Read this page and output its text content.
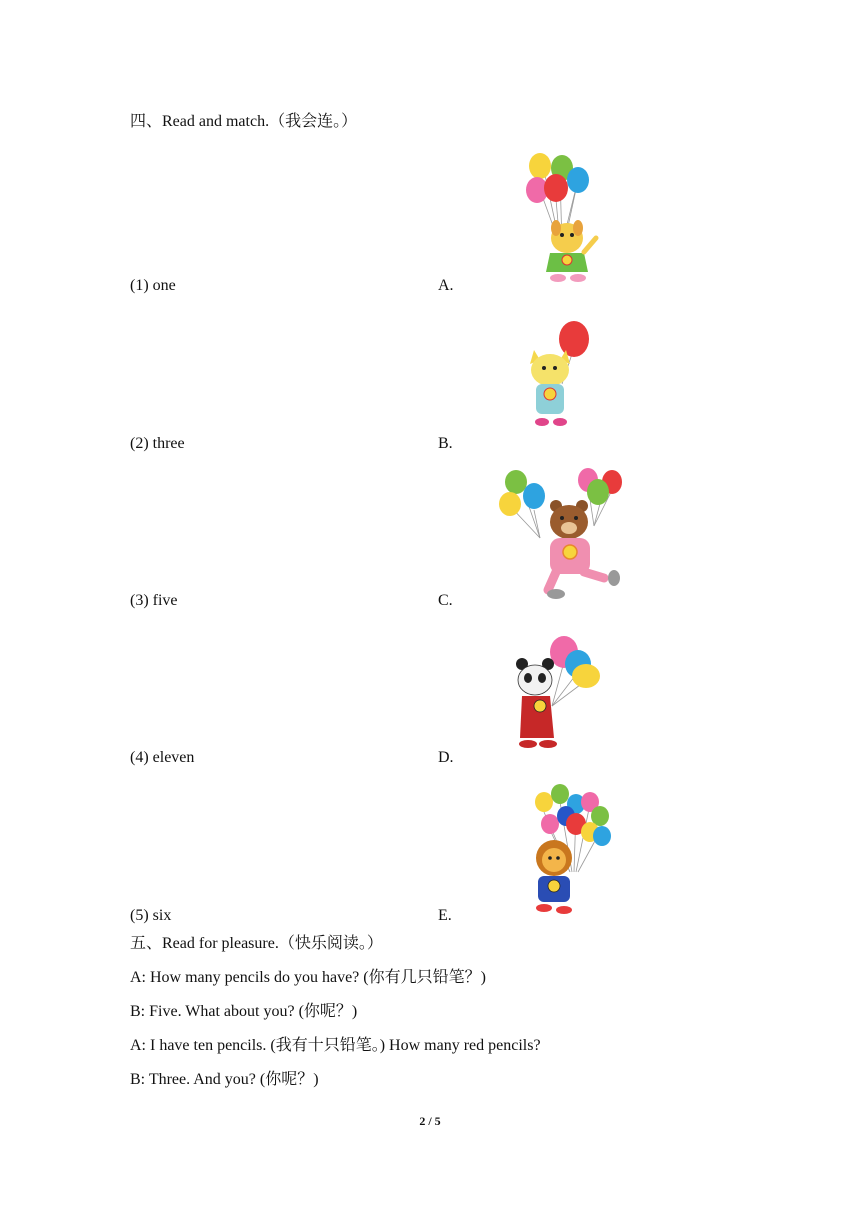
四、Read and match.（我会连。）
(1) one	A.
(2) three	B.
(3) five	C.
(4) eleven	D.
(5) six	E.
五、Read for pleasure.（快乐阅读。）
A: How many pencils do you have? (你有几只铅笔？)
B: Five. What about you? (你呢？)
A: I have ten pencils. (我有十只铅笔。) How many red pencils?
B: Three. And you? (你呢？)
2 / 5
